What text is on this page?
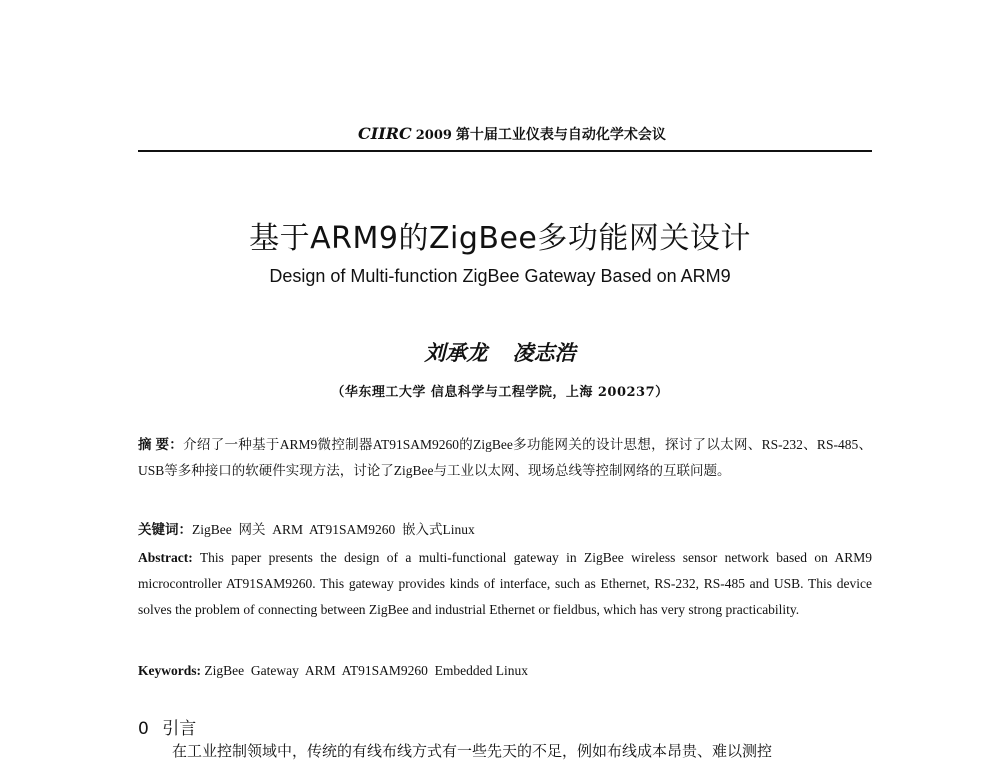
CIIRC 2009 第十届工业仪表与自动化学术会议
基于ARM9的ZigBee多功能网关设计
Design of Multi-function ZigBee Gateway Based on ARM9
刘承龙 凌志浩
（华东理工大学 信息科学与工程学院，上海 200237）
摘 要：介绍了一种基于ARM9微控制器AT91SAM9260的ZigBee多功能网关的设计思想，探讨了以太网、RS-232、RS-485、USB等多种接口的软硬件实现方法，讨论了ZigBee与工业以太网、现场总线等控制网络的互联问题。
关键词：ZigBee  网关  ARM  AT91SAM9260  嵌入式Linux
Abstract: This paper presents the design of a multi-functional gateway in ZigBee wireless sensor network based on ARM9 microcontroller AT91SAM9260. This gateway provides kinds of interface, such as Ethernet, RS-232, RS-485 and USB. This device solves the problem of connecting between ZigBee and industrial Ethernet or fieldbus, which has very strong practicability.
Keywords: ZigBee  Gateway  ARM  AT91SAM9260  Embedded Linux
0 引言
在工业控制领域中，传统的有线布线方式有一些先天的不足，例如布线成本昂贵、难以测控
